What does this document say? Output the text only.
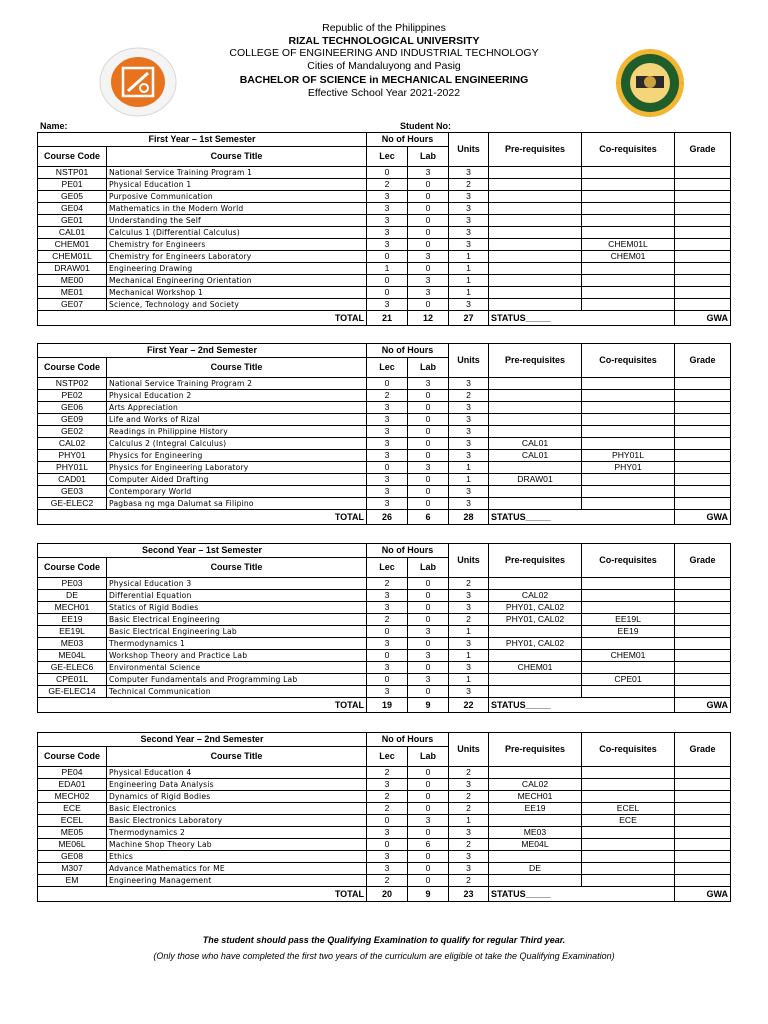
Republic of the Philippines
RIZAL TECHNOLOGICAL UNIVERSITY
COLLEGE OF ENGINEERING AND INDUSTRIAL TECHNOLOGY
Cities of Mandaluyong and Pasig
BACHELOR OF SCIENCE in MECHANICAL ENGINEERING
Effective School Year 2021-2022
Name:	Student No:
First Year – 1st Semester		No of Hours		Units	Pre-requisites	Co-requisites	Grade
Course Code	Course Title	Lec	Lab				
NSTP01	National Service Training Program 1	0	3	3			
PE01	Physical Education 1	2	0	2			
GE05	Purposive Communication	3	0	3			
GE04	Mathematics in the Modern World	3	0	3			
GE01	Understanding the Self	3	0	3			
CAL01	Calculus 1 (Differential Calculus)	3	0	3			
CHEM01	Chemistry for Engineers	3	0	3		CHEM01L	
CHEM01L	Chemistry for Engineers Laboratory	0	3	1		CHEM01	
DRAW01	Engineering Drawing	1	0	1			
ME00	Mechanical Engineering Orientation	0	3	1			
ME01	Mechanical Workshop 1	0	3	1			
GE07	Science, Technology and Society	3	0	3			
TOTAL		21	12	27	STATUS_____		GWA
First Year – 2nd Semester		No of Hours		Units	Pre-requisites	Co-requisites	Grade
Course Code	Course Title	Lec	Lab				
NSTP02	National Service Training Program 2	0	3	3			
PE02	Physical Education 2	2	0	2			
GE06	Arts Appreciation	3	0	3			
GE09	Life and Works of Rizal	3	0	3			
GE02	Readings in Philippine History	3	0	3			
CAL02	Calculus 2 (Integral Calculus)	3	0	3	CAL01		
PHY01	Physics for Engineering	3	0	3	CAL01	PHY01L	
PHY01L	Physics for Engineering Laboratory	0	3	1		PHY01	
CAD01	Computer Aided Drafting	3	0	1	DRAW01		
GE03	Contemporary World	3	0	3			
GE-ELEC2	Pagbasa ng mga Dalumat sa Filipino	3	0	3			
TOTAL		26	6	28	STATUS_____		GWA
Second Year – 1st Semester		No of Hours		Units	Pre-requisites	Co-requisites	Grade
Course Code	Course Title	Lec	Lab				
PE03	Physical Education 3	2	0	2			
DE	Differential Equation	3	0	3	CAL02		
MECH01	Statics of Rigid Bodies	3	0	3	PHY01, CAL02		
EE19	Basic Electrical Engineering	2	0	2	PHY01, CAL02	EE19L	
EE19L	Basic Electrical Engineering Lab	0	3	1		EE19	
ME03	Thermodynamics 1	3	0	3	PHY01, CAL02		
ME04L	Workshop Theory and Practice Lab	0	3	1		CHEM01	
GE-ELEC6	Environmental Science	3	0	3	CHEM01		
CPE01L	Computer Fundamentals and Programming Lab	0	3	1		CPE01	
GE-ELEC14	Technical Communication	3	0	3			
TOTAL		19	9	22	STATUS_____		GWA
Second Year – 2nd Semester		No of Hours		Units	Pre-requisites	Co-requisites	Grade
Course Code	Course Title	Lec	Lab				
PE04	Physical Education 4	2	0	2			
EDA01	Engineering Data Analysis	3	0	3	CAL02		
MECH02	Dynamics of Rigid Bodies	2	0	2	MECH01		
ECE	Basic Electronics	2	0	2	EE19	ECEL	
ECEL	Basic Electronics Laboratory	0	3	1		ECE	
ME05	Thermodynamics 2	3	0	3	ME03		
ME06L	Machine Shop Theory Lab	0	6	2	ME04L		
GE08	Ethics	3	0	3			
M307	Advance Mathematics for ME	3	0	3	DE		
EM	Engineering Management	2	0	2			
TOTAL		20	9	23	STATUS_____		GWA
The student should pass the Qualifying Examination to qualify for regular Third year.
(Only those who have completed the first two years of the curriculum are eligible ot take the Qualifying Examination)
